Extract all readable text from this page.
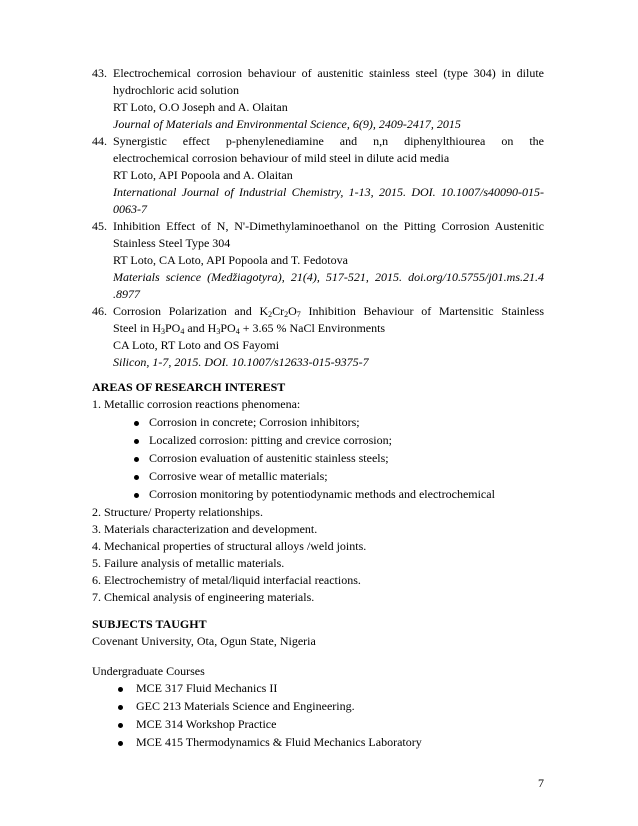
43. Electrochemical corrosion behaviour of austenitic stainless steel (type 304) in dilute
hydrochloric acid solution
RT Loto, O.O Joseph and A. Olaitan
Journal of Materials and Environmental Science, 6(9), 2409-2417, 2015
44. Synergistic effect p-phenylenediamine and n,n diphenylthiourea on the
electrochemical corrosion behaviour of mild steel in dilute acid media
RT Loto, API Popoola and A. Olaitan
International Journal of Industrial Chemistry, 1-13, 2015. DOI. 10.1007/s40090-015-
0063-7
45. Inhibition Effect of N, N'-Dimethylaminoethanol on the Pitting Corrosion Austenitic
Stainless Steel Type 304
RT Loto, CA Loto, API Popoola and T. Fedotova
Materials science (Medžiagotyra), 21(4), 517-521, 2015. doi.org/10.5755/j01.ms.21.4
.8977
46. Corrosion Polarization and $K_2Cr_2O_7$ Inhibition Behaviour of Martensitic Stainless
Steel in $H_3PO_4$ and $H_3PO_4 + 3.65$ % NaCl Environments
CA Loto, RT Loto and OS Fayomi
Silicon, 1-7, 2015. DOI. 10.1007/s12633-015-9375-7
AREAS OF RESEARCH INTEREST
1. Metallic corrosion reactions phenomena:
Corrosion in concrete; Corrosion inhibitors;
Localized corrosion: pitting and crevice corrosion;
Corrosion evaluation of austenitic stainless steels;
Corrosive wear of metallic materials;
Corrosion monitoring by potentiodynamic methods and electrochemical
2. Structure/ Property relationships.
3. Materials characterization and development.
4. Mechanical properties of structural alloys /weld joints.
5. Failure analysis of metallic materials.
6. Electrochemistry of metal/liquid interfacial reactions.
7. Chemical analysis of engineering materials.
SUBJECTS TAUGHT
Covenant University, Ota, Ogun State, Nigeria
Undergraduate Courses
MCE 317 Fluid Mechanics II
GEC 213 Materials Science and Engineering.
MCE 314 Workshop Practice
MCE 415 Thermodynamics & Fluid Mechanics Laboratory
7
